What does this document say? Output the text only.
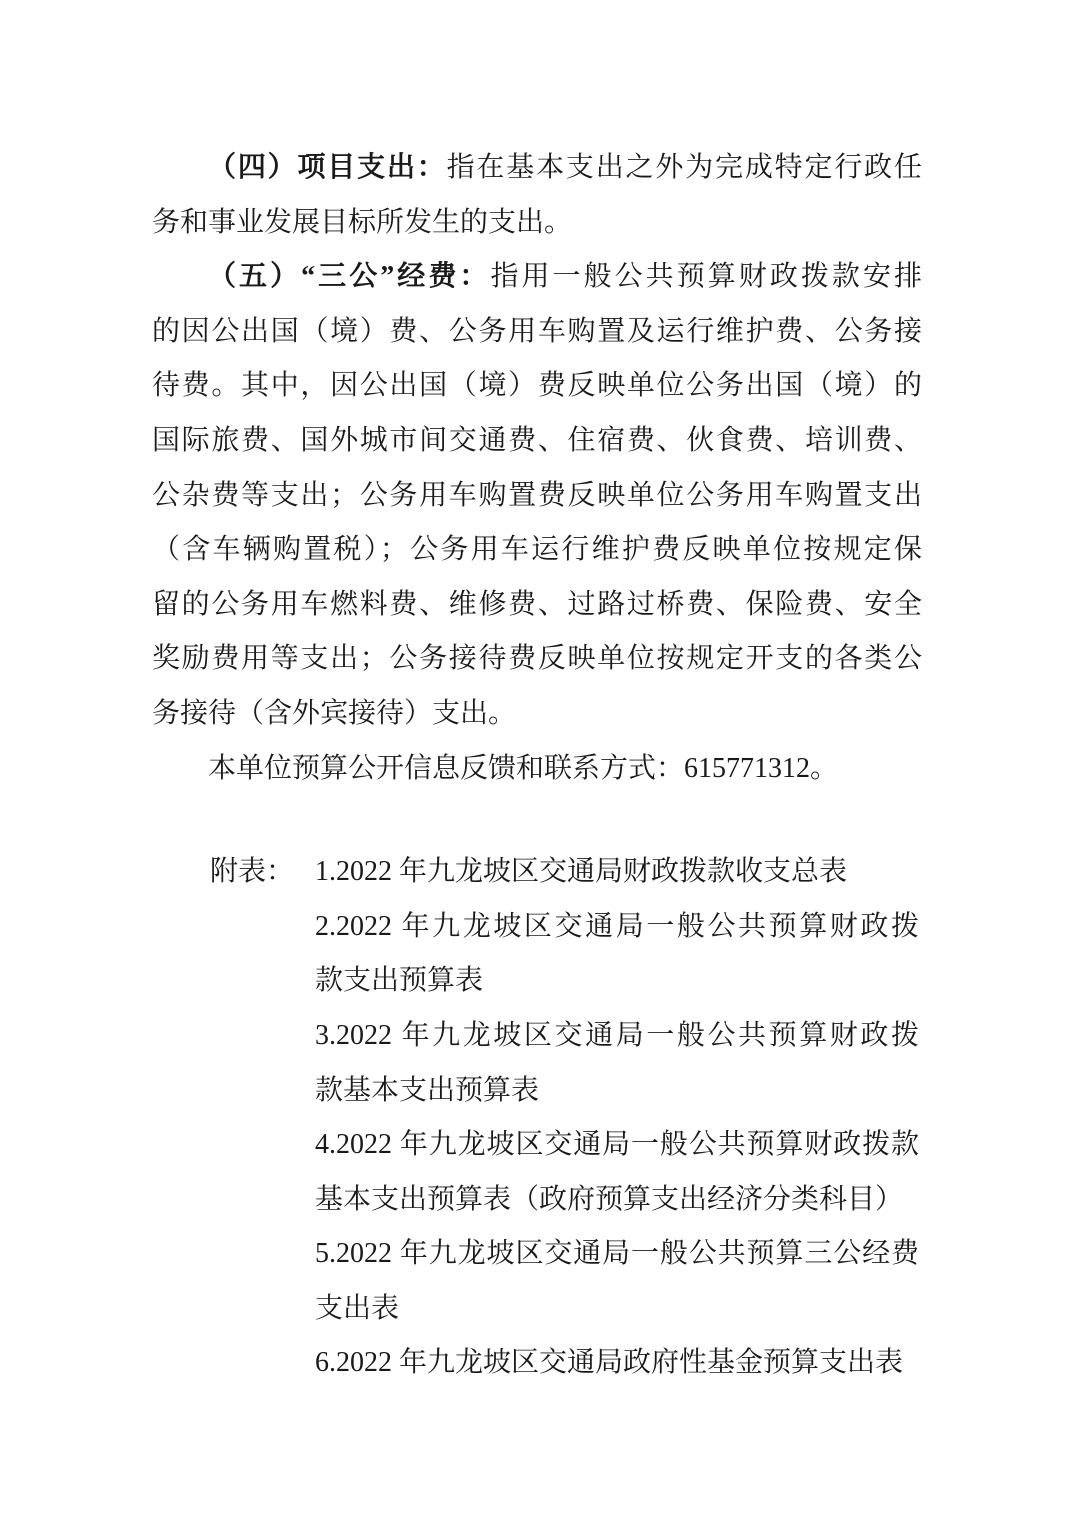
（四）项目支出：指在基本支出之外为完成特定行政任
务和事业发展目标所发生的支出。
（五）“三公”经费：指用一般公共预算财政拨款安排
的因公出国（境）费、公务用车购置及运行维护费、公务接
待费。其中，因公出国（境）费反映单位公务出国（境）的
国际旅费、国外城市间交通费、住宿费、伙食费、培训费、
公杂费等支出；公务用车购置费反映单位公务用车购置支出
（含车辆购置税）；公务用车运行维护费反映单位按规定保
留的公务用车燃料费、维修费、过路过桥费、保险费、安全
奖励费用等支出；公务接待费反映单位按规定开支的各类公
务接待（含外宾接待）支出。
本单位预算公开信息反馈和联系方式：615771312。
附表： 1.2022 年九龙坡区交通局财政拨款收支总表
2.2022 年九龙坡区交通局一般公共预算财政拨
款支出预算表
3.2022 年九龙坡区交通局一般公共预算财政拨
款基本支出预算表
4.2022 年九龙坡区交通局一般公共预算财政拨款
基本支出预算表（政府预算支出经济分类科目）
5.2022 年九龙坡区交通局一般公共预算三公经费
支出表
6.2022 年九龙坡区交通局政府性基金预算支出表
